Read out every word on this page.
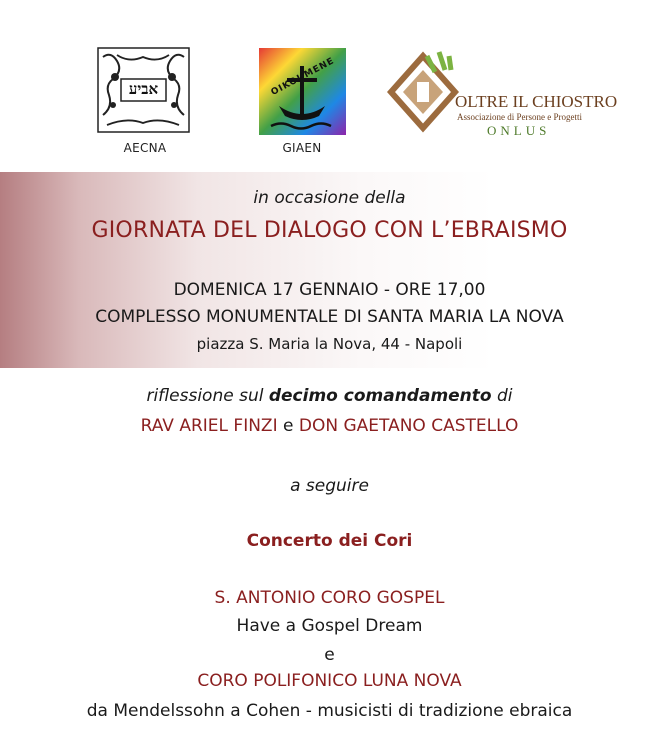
אביע
AECNA
OIKOUMENE
GIAEN
OLTRE IL CHIOSTRO
Associazione di Persone e Progetti
ONLUS
in occasione della
GIORNATA DEL DIALOGO CON L’EBRAISMO
DOMENICA 17 GENNAIO - ORE 17,00
COMPLESSO MONUMENTALE DI SANTA MARIA LA NOVA
piazza S. Maria la Nova, 44 - Napoli
riflessione sul decimo comandamento di
RAV ARIEL FINZI e DON GAETANO CASTELLO
a seguire
Concerto dei Cori
S. ANTONIO CORO GOSPEL
Have a Gospel Dream
e
CORO POLIFONICO LUNA NOVA
da Mendelssohn a Cohen - musicisti di tradizione ebraica
